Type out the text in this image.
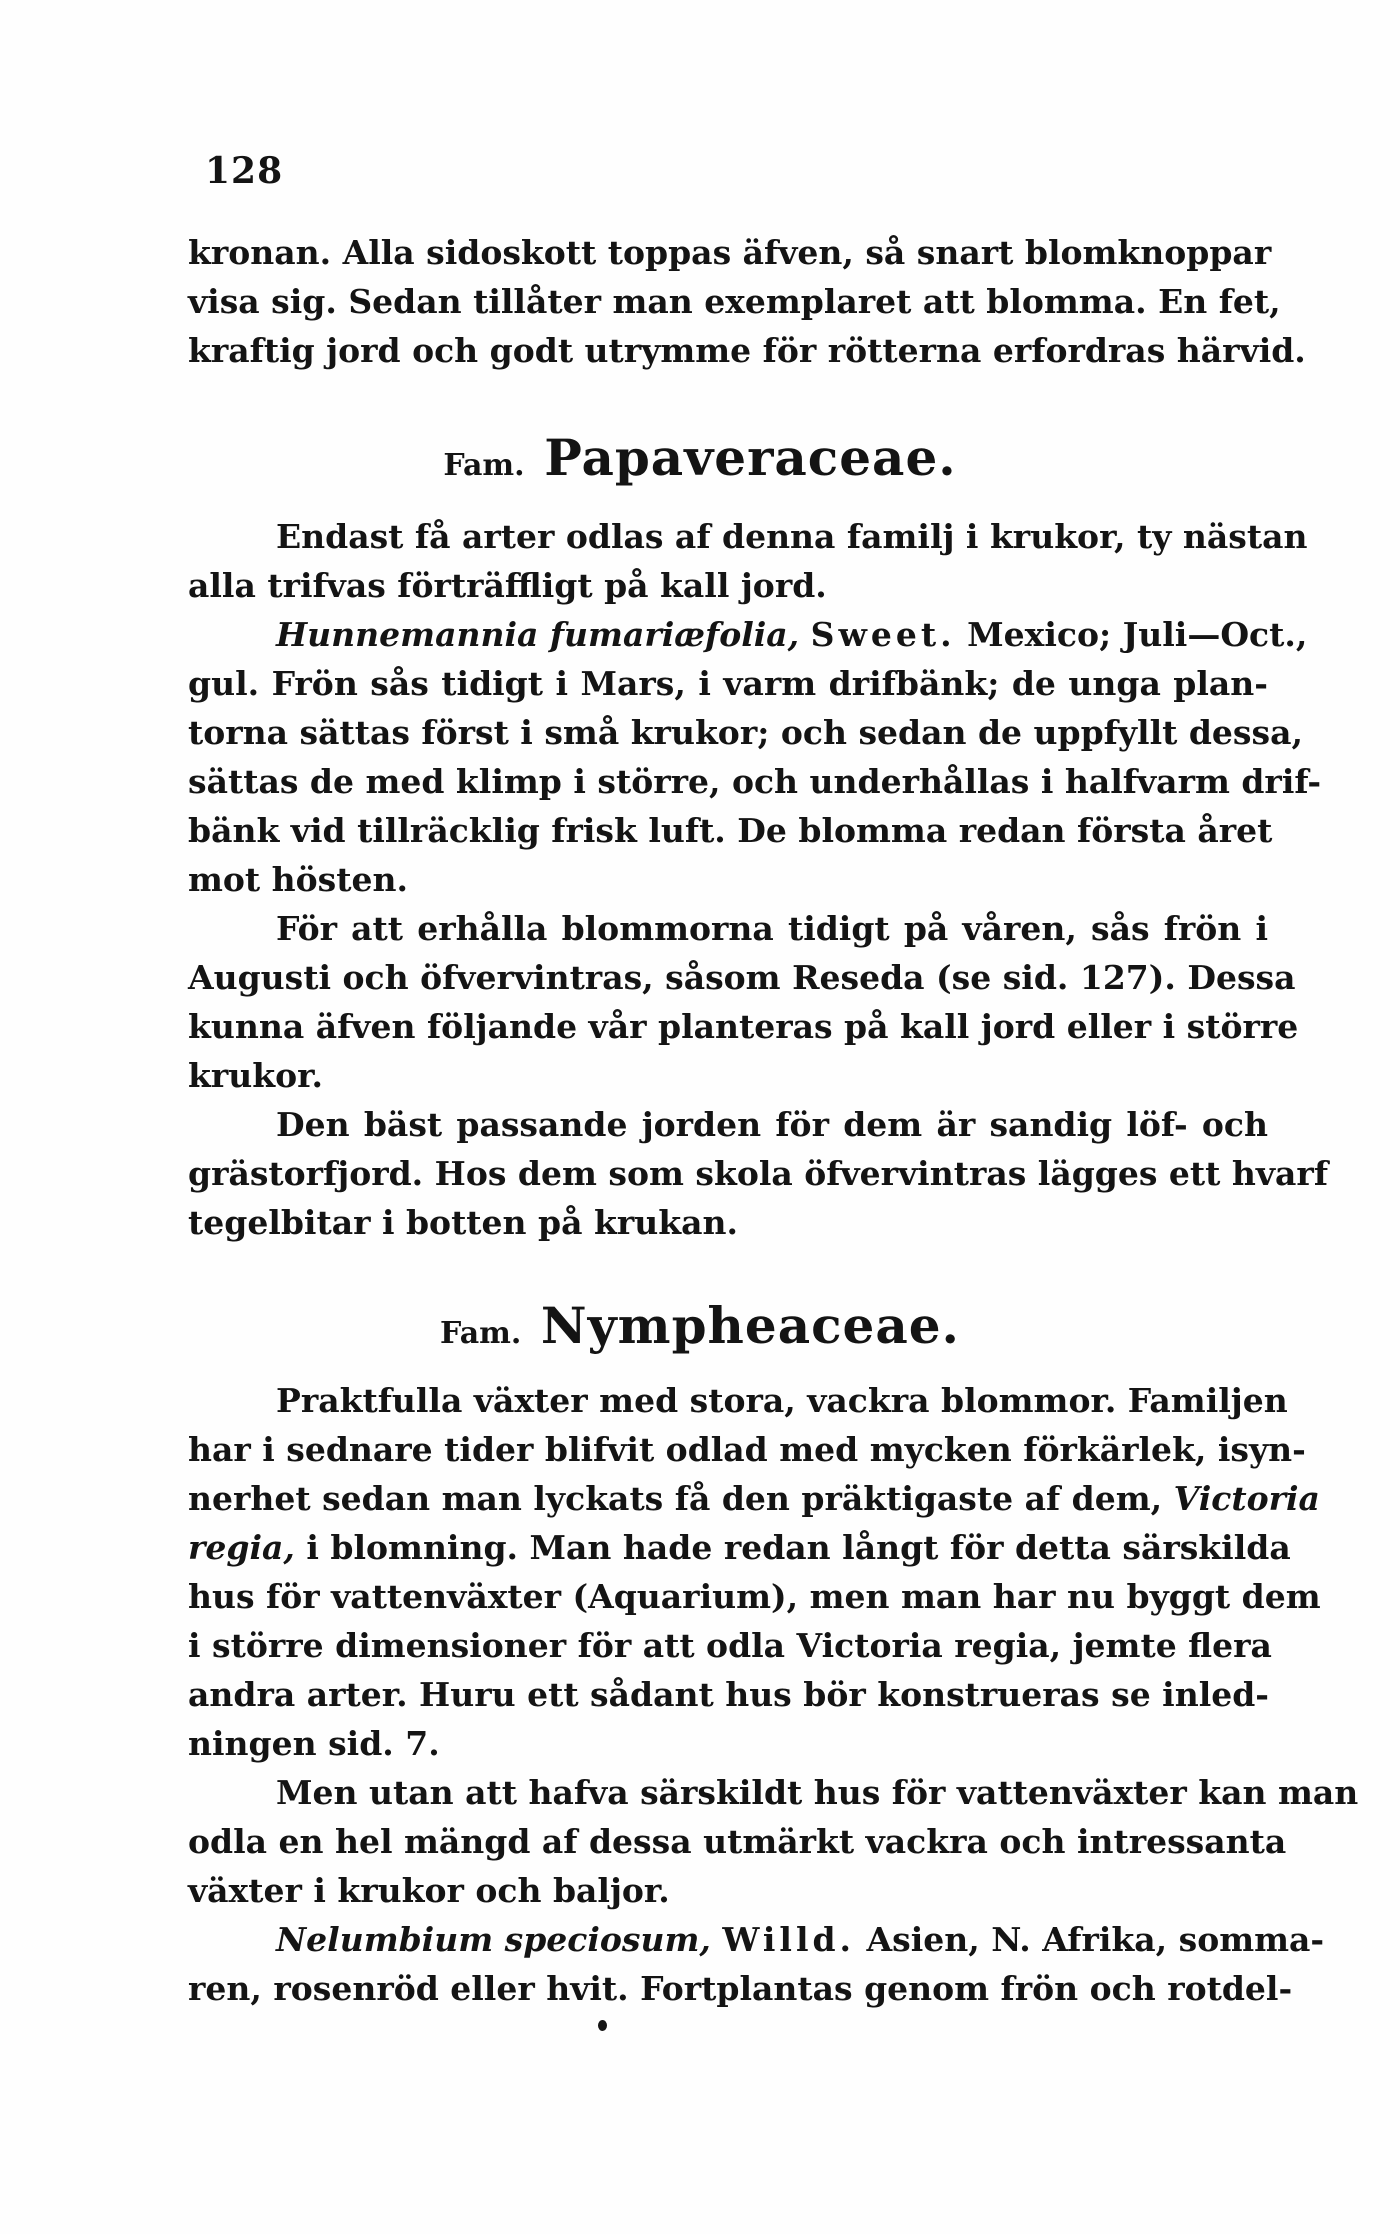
128
kronan. Alla sidoskott toppas äfven, så snart blomknoppar
visa sig. Sedan tillåter man exemplaret att blomma. En fet,
kraftig jord och godt utrymme för rötterna erfordras härvid.
Fam. Papaveraceae.
Endast få arter odlas af denna familj i krukor, ty nästan
alla trifvas förträffligt på kall jord.
Hunnemannia fumariæfolia, Sweet. Mexico; Juli—Oct.,
gul. Frön sås tidigt i Mars, i varm drifbänk; de unga plan-
torna sättas först i små krukor; och sedan de uppfyllt dessa,
sättas de med klimp i större, och underhållas i halfvarm drif-
bänk vid tillräcklig frisk luft. De blomma redan första året
mot hösten.
För att erhålla blommorna tidigt på våren, sås frön i
Augusti och öfvervintras, såsom Reseda (se sid. 127). Dessa
kunna äfven följande vår planteras på kall jord eller i större
krukor.
Den bäst passande jorden för dem är sandig löf- och
grästorfjord. Hos dem som skola öfvervintras lägges ett hvarf
tegelbitar i botten på krukan.
Fam. Nympheaceae.
Praktfulla växter med stora, vackra blommor. Familjen
har i sednare tider blifvit odlad med mycken förkärlek, isyn-
nerhet sedan man lyckats få den präktigaste af dem, Victoria
regia, i blomning. Man hade redan långt för detta särskilda
hus för vattenväxter (Aquarium), men man har nu byggt dem
i större dimensioner för att odla Victoria regia, jemte flera
andra arter. Huru ett sådant hus bör konstrueras se inled-
ningen sid. 7.
Men utan att hafva särskildt hus för vattenväxter kan man
odla en hel mängd af dessa utmärkt vackra och intressanta
växter i krukor och baljor.
Nelumbium speciosum, Willd. Asien, N. Afrika, somma-
ren, rosenröd eller hvit. Fortplantas genom frön och rotdel-
